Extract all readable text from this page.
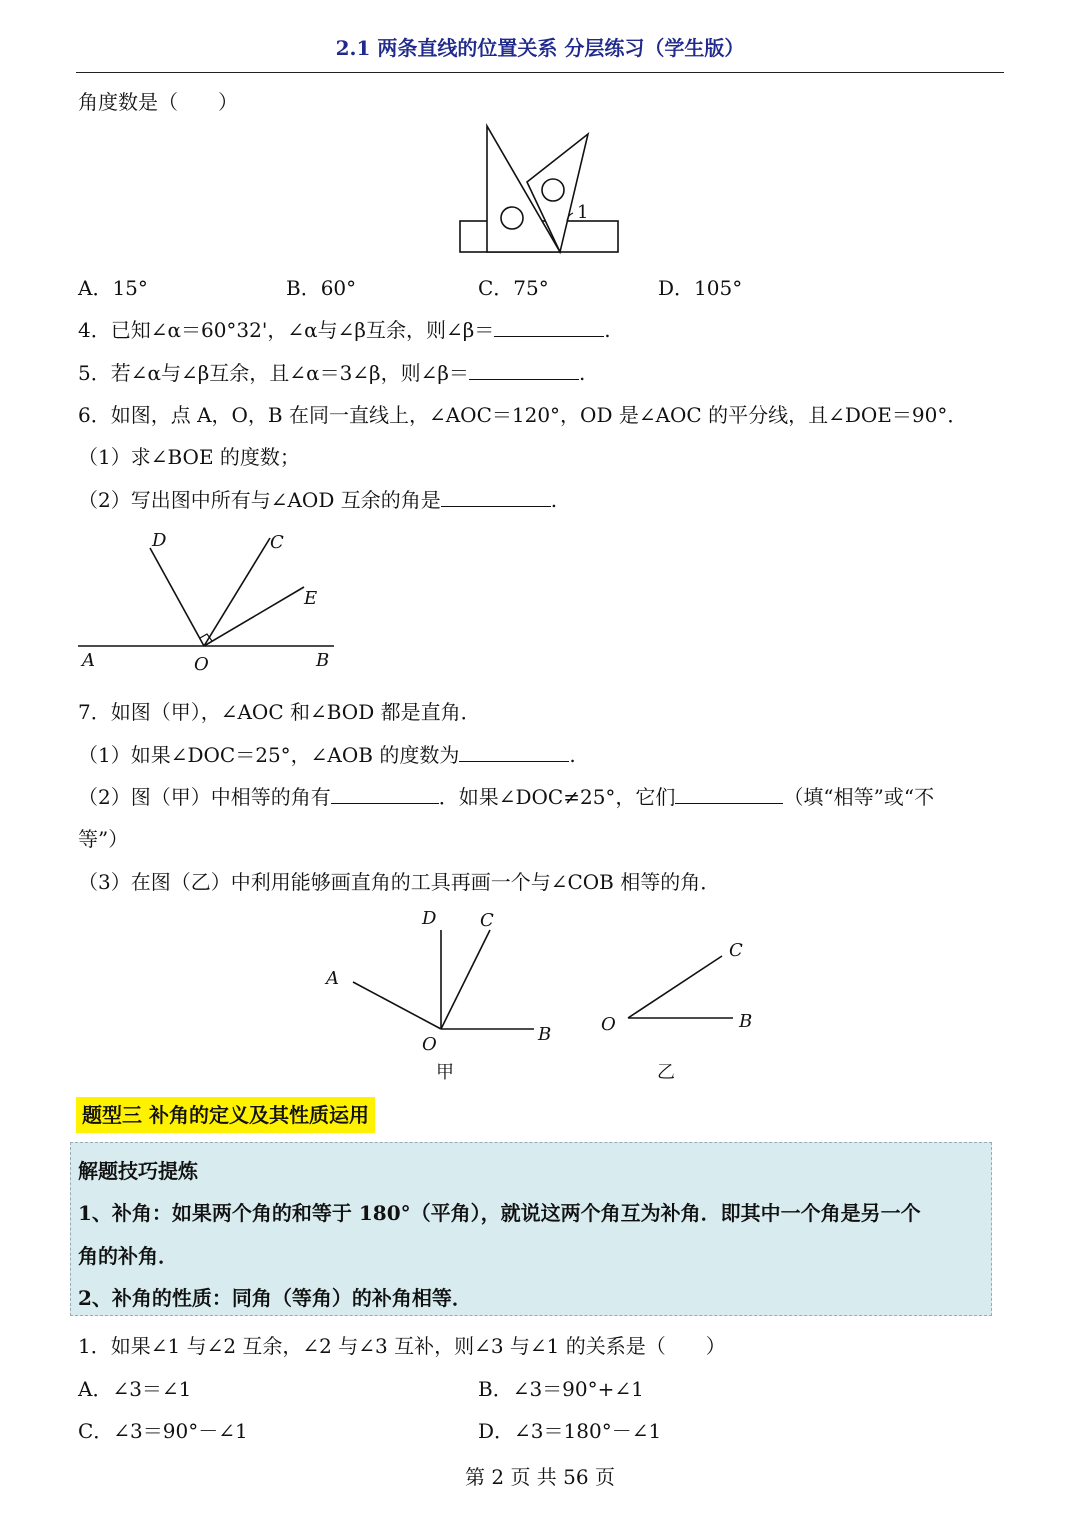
2.1 两条直线的位置关系 分层练习（学生版）
角度数是（　　）
1
A．15°	B．60°	C．75°	D．105°
4．已知∠α＝60°32'，∠α与∠β互余，则∠β＝	.
5．若∠α与∠β互余，且∠α＝3∠β，则∠β＝	.
6．如图，点 A，O，B 在同一直线上，∠AOC＝120°，OD 是∠AOC 的平分线，且∠DOE＝90°．
（1）求∠BOE 的度数；
（2）写出图中所有与∠AOD 互余的角是	.
A	O	B
C
D
E
7．如图（甲），∠AOC 和∠BOD 都是直角．
（1）如果∠DOC＝25°，∠AOB 的度数为	.
（2）图（甲）中相等的角有	．如果∠DOC≠25°，它们	（填“相等”或“不
等”）
（3）在图（乙）中利用能够画直角的工具再画一个与∠COB 相等的角．
A
D C
O	B
甲
C
O	B
乙
题型三 补角的定义及其性质运用
解题技巧提炼
1、补角：如果两个角的和等于 180°（平角），就说这两个角互为补角．即其中一个角是另一个
角的补角．
2、补角的性质：同角（等角）的补角相等．
1．如果∠1 与∠2 互余，∠2 与∠3 互补，则∠3 与∠1 的关系是（　　）
A．∠3＝∠1	B．∠3＝90°+∠1
C．∠3＝90°－∠1	D．∠3＝180°－∠1
第 2 页 共 56 页
